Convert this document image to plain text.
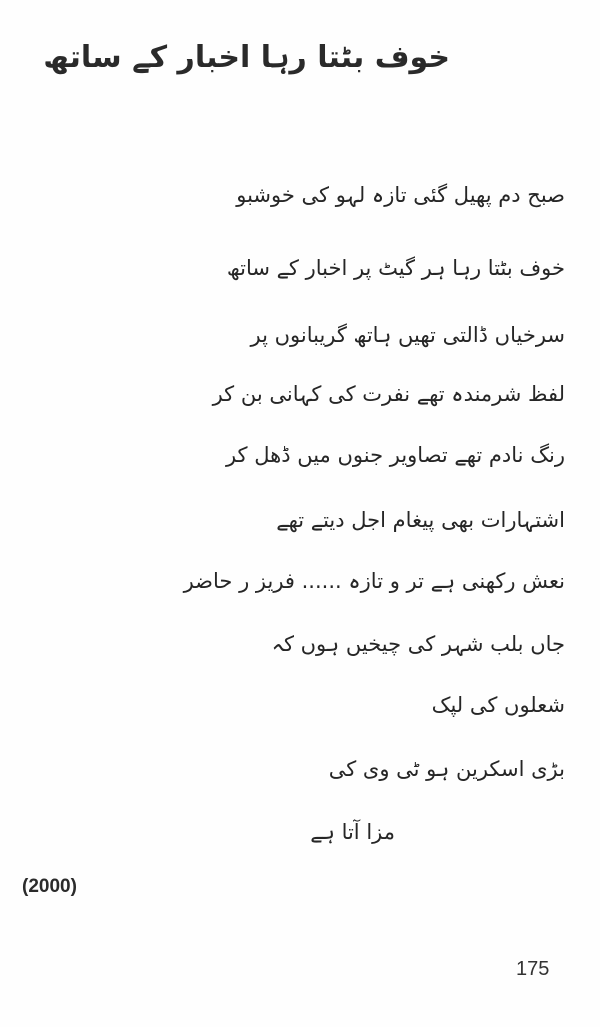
خوف بٹتا رہا اخبار کے ساتھ
صبح دم پھیل گئی تازہ لہو کی خوشبو
خوف بٹتا رہا ہر گیٹ پر اخبار کے ساتھ
سرخیاں ڈالتی تھیں ہاتھ گریبانوں پر
لفظ شرمندہ تھے نفرت کی کہانی بن کر
رنگ نادم تھے تصاویر جنوں میں ڈھل کر
اشتہارات بھی پیغام اجل دیتے تھے
نعش رکھنی ہے تر و تازہ ...... فریز ر حاضر
جاں بلب شہر کی چیخیں ہوں کہ
شعلوں کی لپک
بڑی اسکرین ہو ٹی وی کی
مزا آتا ہے
(2000)
175
